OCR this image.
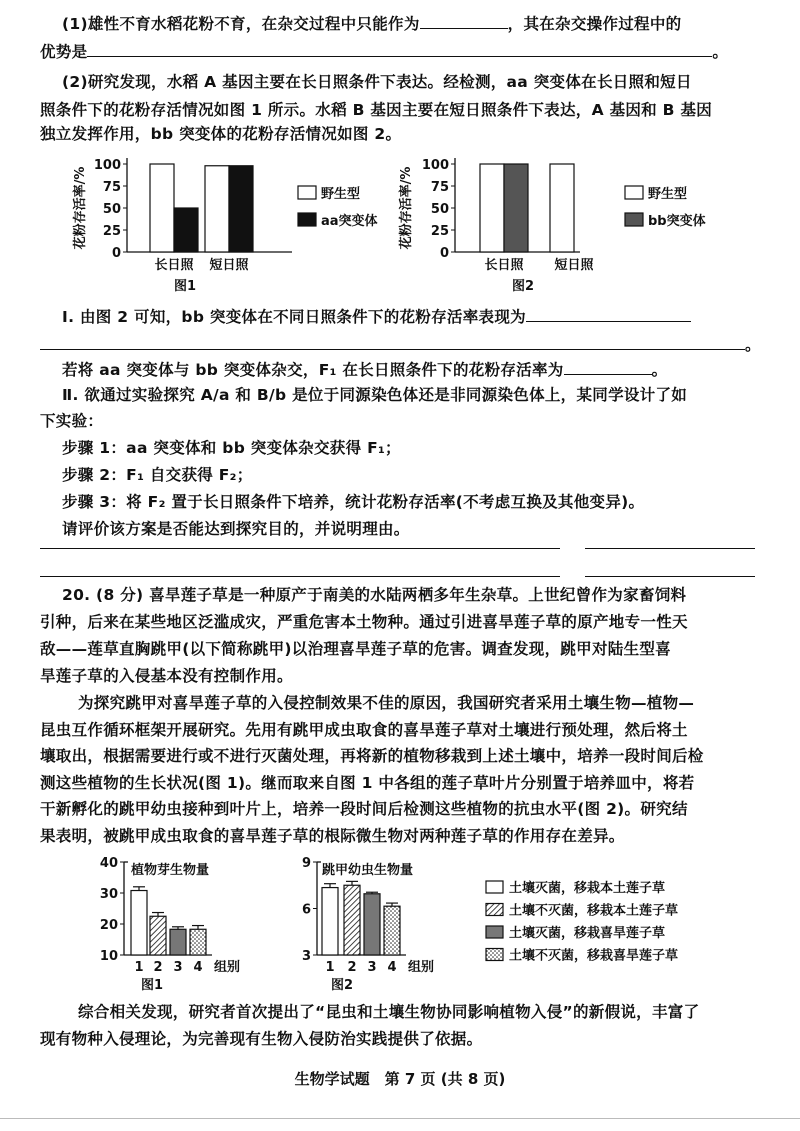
(1)雄性不育水稻花粉不育，在杂交过程中只能作为	，其在杂交操作过程中的
优势是	。
(2)研究发现，水稻 A 基因主要在长日照条件下表达。经检测，aa 突变体在长日照和短日
照条件下的花粉存活情况如图 1 所示。水稻 B 基因主要在短日照条件下表达，A 基因和 B 基因
独立发挥作用，bb 突变体的花粉存活情况如图 2。
Ⅰ. 由图 2 可知，bb 突变体在不同日照条件下的花粉存活率表现为
。
若将 aa 突变体与 bb 突变体杂交，F₁ 在长日照条件下的花粉存活率为	。
Ⅱ. 欲通过实验探究 A/a 和 B/b 是位于同源染色体还是非同源染色体上，某同学设计了如
下实验：
步骤 1：aa 突变体和 bb 突变体杂交获得 F₁；
步骤 2：F₁ 自交获得 F₂；
步骤 3：将 F₂ 置于长日照条件下培养，统计花粉存活率(不考虑互换及其他变异)。
请评价该方案是否能达到探究目的，并说明理由。
20. (8 分) 喜旱莲子草是一种原产于南美的水陆两栖多年生杂草。上世纪曾作为家畜饲料
引种，后来在某些地区泛滥成灾，严重危害本土物种。通过引进喜旱莲子草的原产地专一性天
敌——莲草直胸跳甲(以下简称跳甲)以治理喜旱莲子草的危害。调查发现，跳甲对陆生型喜
旱莲子草的入侵基本没有控制作用。
为探究跳甲对喜旱莲子草的入侵控制效果不佳的原因，我国研究者采用土壤生物—植物—
昆虫互作循环框架开展研究。先用有跳甲成虫取食的喜旱莲子草对土壤进行预处理，然后将土
壤取出，根据需要进行或不进行灭菌处理，再将新的植物移栽到上述土壤中，培养一段时间后检
测这些植物的生长状况(图 1)。继而取来自图 1 中各组的莲子草叶片分别置于培养皿中，将若
干新孵化的跳甲幼虫接种到叶片上，培养一段时间后检测这些植物的抗虫水平(图 2)。研究结
果表明，被跳甲成虫取食的喜旱莲子草的根际微生物对两种莲子草的作用存在差异。
综合相关发现，研究者首次提出了“昆虫和土壤生物协同影响植物入侵”的新假说，丰富了
现有物种入侵理论，为完善现有生物入侵防治实践提供了依据。
生物学试题　第 7 页 (共 8 页)
0
25
50
75
100
长日照 短日照
图1
花粉存活率/%	野生型
aa突变体
0
25
50
75
100
长日照 短日照
图2
花粉存活率/%	野生型
bb突变体
10
20
30
40 植物芽生物量
1 2 3 4 组别
图1
3
6
9 跳甲幼虫生物量
1 2 3 4 组别
图2
土壤灭菌，移栽本土莲子草
土壤不灭菌，移栽本土莲子草
土壤灭菌，移栽喜旱莲子草
土壤不灭菌，移栽喜旱莲子草
